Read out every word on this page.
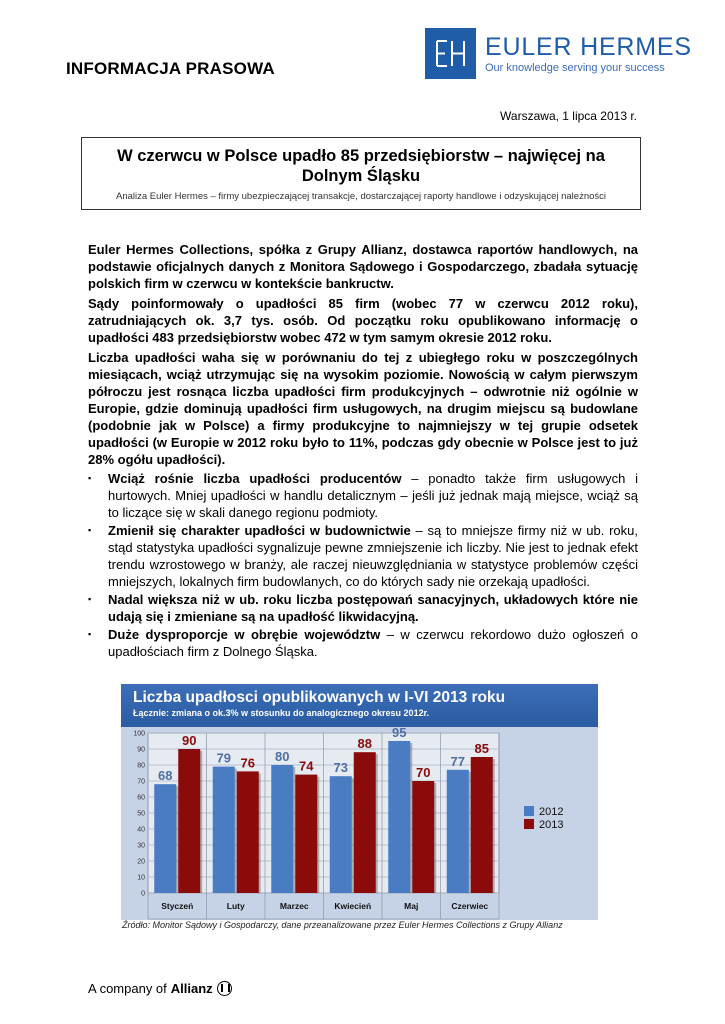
INFORMACJA PRASOWA
EULER HERMES
Our knowledge serving your success
Warszawa, 1 lipca 2013 r.
W czerwcu w Polsce upadło 85 przedsiębiorstw – najwięcej na Dolnym Śląsku
Analiza Euler Hermes – firmy ubezpieczającej transakcje, dostarczającej raporty handlowe i odzyskującej należności

Euler Hermes Collections, spółka z Grupy Allianz, dostawca raportów handlowych, na podstawie oficjalnych danych z Monitora Sądowego i Gospodarczego, zbadała sytuację polskich firm w czerwcu w kontekście bankructw.

Sądy poinformowały o upadłości 85 firm (wobec 77 w czerwcu 2012 roku), zatrudniających ok. 3,7 tys. osób. Od początku roku opublikowano informację o upadłości 483 przedsiębiorstw wobec 472 w tym samym okresie 2012 roku.

Liczba upadłości waha się w porównaniu do tej z ubiegłego roku w poszczególnych miesiącach, wciąż utrzymując się na wysokim poziomie. Nowością w całym pierwszym półroczu jest rosnąca liczba upadłości firm produkcyjnych – odwrotnie niż ogólnie w Europie, gdzie dominują upadłości firm usługowych, na drugim miejscu są budowlane (podobnie jak w Polsce) a firmy produkcyjne to najmniejszy w tej grupie odsetek upadłości (w Europie w 2012 roku było to 11%, podczas gdy obecnie w Polsce jest to już 28% ogółu upadłości).

▪ Wciąż rośnie liczba upadłości producentów – ponadto także firm usługowych i hurtowych. Mniej upadłości w handlu detalicznym – jeśli już jednak mają miejsce, wciąż są to liczące się w skali danego regionu podmioty.
▪ Zmienił się charakter upadłości w budownictwie – są to mniejsze firmy niż w ub. roku, stąd statystyka upadłości sygnalizuje pewne zmniejszenie ich liczby. Nie jest to jednak efekt trendu wzrostowego w branży, ale raczej nieuwzględniania w statystyce problemów części mniejszych, lokalnych firm budowlanych, co do których sady nie orzekają upadłości.
▪ Nadal większa niż w ub. roku liczba postępowań sanacyjnych, układowych które nie udają się i zmieniane są na upadłość likwidacyjną.
▪ Duże dysproporcje w obrębie województw – w czerwcu rekordowo dużo ogłoszeń o upadłościach firm z Dolnego Śląska.
Liczba upadłosci opublikowanych w I-VI 2013 roku
Łącznie: zmiana o ok.3% w stosunku do analogicznego okresu 2012r.
0
10
20
30
40
50
60
70
80
90
100
68
90
Styczeń
79 76
Luty
80
74
Marzec
73
88
Kwiecień
95
70
Maj
77
85
Czerwiec
2012
2013
Źródło: Monitor Sądowy i Gospodarczy, dane przeanalizowane przez Euler Hermes Collections z Grupy Allianz
A company of Allianz
